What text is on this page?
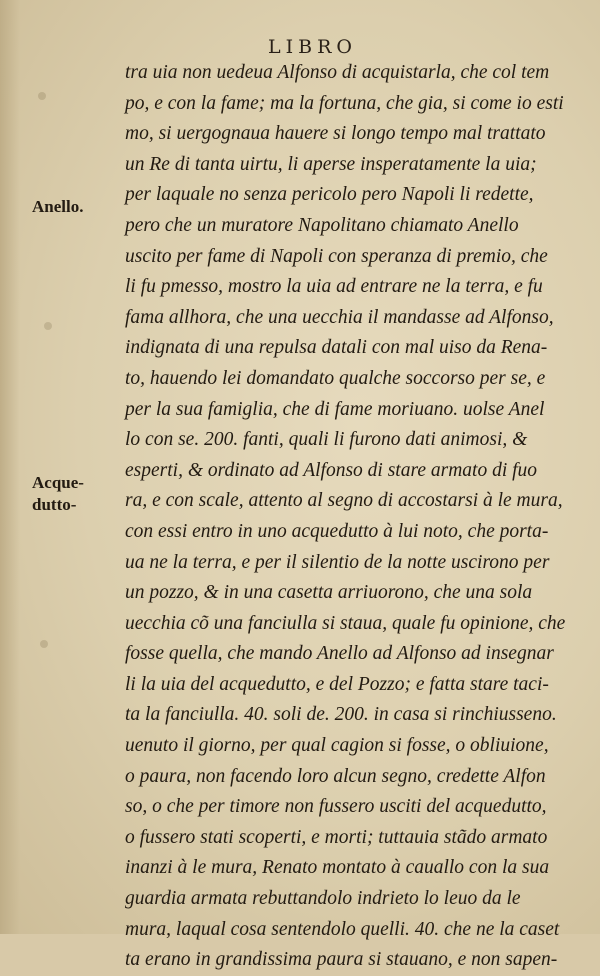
LIBRO
Anello.
Acque-
dutto-
tra uia non uedeua Alfonso di acquistarla, che col tem
po, e con la fame; ma la fortuna, che gia, si come io esti
mo, si uergognaua hauere si longo tempo mal trattato
un Re di tanta uirtu, li aperse insperatamente la uia;
per laquale no senza pericolo pero Napoli li redette,
pero che un muratore Napolitano chiamato Anello
uscito per fame di Napoli con speranza di premio, che
li fu pmesso, mostro la uia ad entrare ne la terra, e fu
fama allhora, che una uecchia il mandasse ad Alfonso,
indignata di una repulsa datali con mal uiso da Rena-
to, hauendo lei domandato qualche soccorso per se, e
per la sua famiglia, che di fame moriuano. uolse Anel
lo con se. 200. fanti, quali li furono dati animosi, &
esperti, & ordinato ad Alfonso di stare armato di fuo
ra, e con scale, attento al segno di accostarsi à le mura,
con essi entro in uno acquedutto à lui noto, che porta-
ua ne la terra, e per il silentio de la notte uscirono per
un pozzo, & in una casetta arriuorono, che una sola
uecchia cõ una fanciulla si staua, quale fu opinione, che
fosse quella, che mando Anello ad Alfonso ad insegnar
li la uia del acquedutto, e del Pozzo; e fatta stare taci-
ta la fanciulla. 40. soli de. 200. in casa si rinchiusseno.
uenuto il giorno, per qual cagion si fosse, o obliuione,
o paura, non facendo loro alcun segno, credette Alfon
so, o che per timore non fussero usciti del acquedutto,
o fussero stati scoperti, e morti; tuttauia stãdo armato
inanzi à le mura, Renato montato à cauallo con la sua
guardia armata rebuttandolo indrieto lo leuo da le
mura, laqual cosa sentendolo quelli. 40. che ne la caset
ta erano in grandissima paura si stauano, e non sapen-
